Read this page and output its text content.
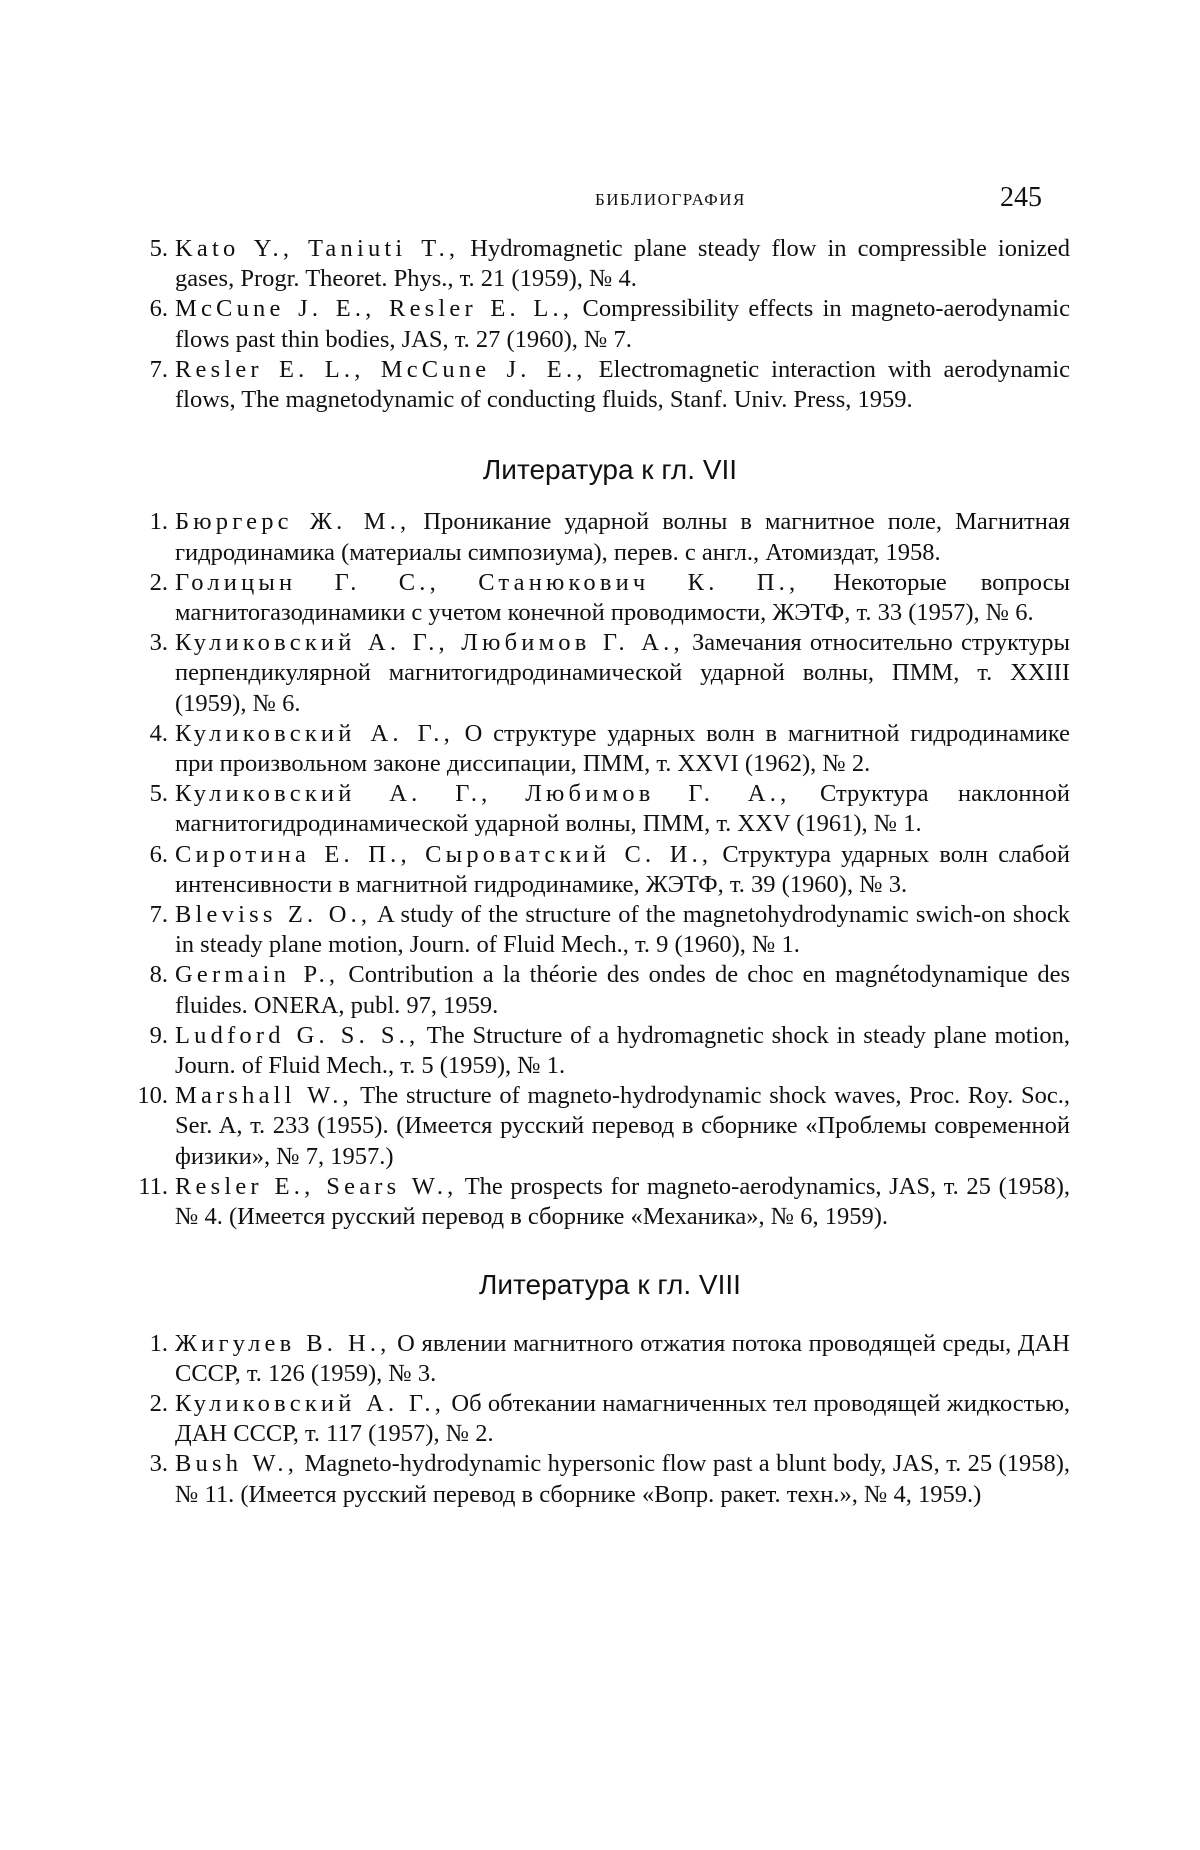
БИБЛИОГРАФИЯ	245

5. Kato Y., Taniuti T., Hydromagnetic plane steady flow in compressible ionized gases, Progr. Theoret. Phys., т. 21 (1959), № 4.

6. McCune J. E., Resler E. L., Compressibility effects in magneto-aerodynamic flows past thin bodies, JAS, т. 27 (1960), № 7.

7. Resler E. L., McCune J. E., Electromagnetic interaction with aerodynamic flows, The magnetodynamic of conducting fluids, Stanf. Univ. Press, 1959.

Литература к гл. VII

1. Бюргерс Ж. М., Проникание ударной волны в магнитное поле, Магнитная гидродинамика (материалы симпозиума), перев. с англ., Атомиздат, 1958.

2. Голицын Г. С., Станюкович К. П., Некоторые вопросы магнитогазодинамики с учетом конечной проводимости, ЖЭТФ, т. 33 (1957), № 6.

3. Куликовский А. Г., Любимов Г. А., Замечания относительно структуры перпендикулярной магнитогидродинамической ударной волны, ПММ, т. XXIII (1959), № 6.

4. Куликовский А. Г., О структуре ударных волн в магнитной гидродинамике при произвольном законе диссипации, ПММ, т. XXVI (1962), № 2.

5. Куликовский А. Г., Любимов Г. А., Структура наклонной магнитогидродинамической ударной волны, ПММ, т. XXV (1961), № 1.

6. Сиротина Е. П., Сыроватский С. И., Структура ударных волн слабой интенсивности в магнитной гидродинамике, ЖЭТФ, т. 39 (1960), № 3.

7. Bleviss Z. O., A study of the structure of the magnetohydrodynamic swich-on shock in steady plane motion, Journ. of Fluid Mech., т. 9 (1960), № 1.

8. Germain P., Contribution a la théorie des ondes de choc en magnétodynamique des fluides. ONERA, publ. 97, 1959.

9. Ludford G. S. S., The Structure of a hydromagnetic shock in steady plane motion, Journ. of Fluid Mech., т. 5 (1959), № 1.

10. Marshall W., The structure of magneto-hydrodynamic shock waves, Proc. Roy. Soc., Ser. A, т. 233 (1955). (Имеется русский перевод в сборнике «Проблемы современной физики», № 7, 1957.)

11. Resler E., Sears W., The prospects for magneto-aerodynamics, JAS, т. 25 (1958), № 4. (Имеется русский перевод в сборнике «Механика», № 6, 1959).

Литература к гл. VIII

1. Жигулев В. Н., О явлении магнитного отжатия потока проводящей среды, ДАН СССР, т. 126 (1959), № 3.

2. Куликовский А. Г., Об обтекании намагниченных тел проводящей жидкостью, ДАН СССР, т. 117 (1957), № 2.

3. Bush W., Magneto-hydrodynamic hypersonic flow past a blunt body, JAS, т. 25 (1958), № 11. (Имеется русский перевод в сборнике «Вопр. ракет. техн.», № 4, 1959.)
